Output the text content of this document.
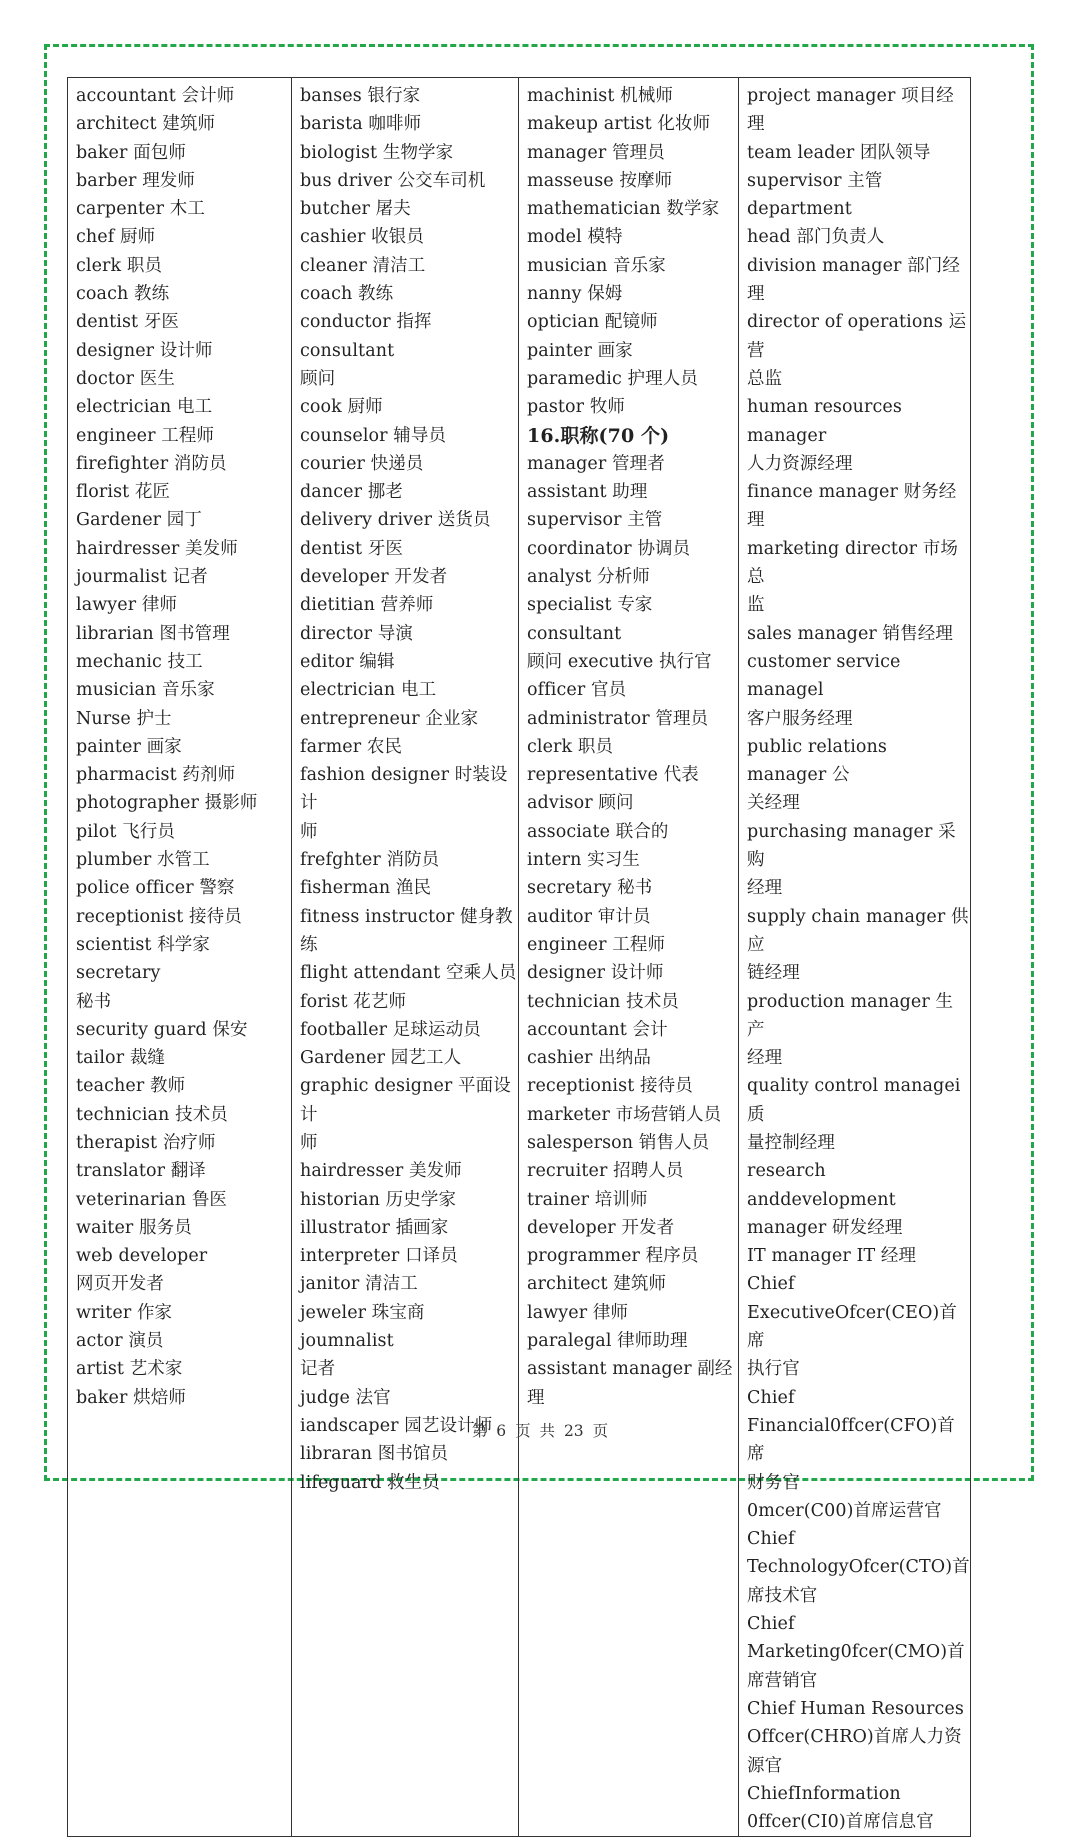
accountant 会计师
architect 建筑师
baker 面包师
barber 理发师
carpenter 木工
chef 厨师
clerk 职员
coach 教练
dentist 牙医
designer 设计师
doctor 医生
electrician 电工
engineer 工程师
firefighter 消防员
florist 花匠
Gardener 园丁
hairdresser 美发师
jourmalist 记者
lawyer 律师
librarian 图书管理
mechanic 技工
musician 音乐家
Nurse 护士
painter 画家
pharmacist 药剂师
photographer 摄影师
pilot 飞行员
plumber 水管工
police officer 警察
receptionist 接待员
scientist 科学家 secretary
秘书
security guard 保安
tailor 裁缝
teacher 教师
technician 技术员
therapist 治疗师
translator 翻译
veterinarian 鲁医
waiter 服务员
web developer
网页开发者
writer 作家
actor 演员
artist 艺术家
baker 烘焙师

banses 银行家
barista 咖啡师
biologist 生物学家
bus driver 公交车司机
butcher 屠夫
cashier 收银员
cleaner 清洁工
coach 教练
conductor 指挥 consultant
顾问
cook 厨师
counselor 辅导员
courier 快递员
dancer 挪老
delivery driver 送货员
dentist 牙医
developer 开发者
dietitian 营养师
director 导演
editor 编辑
electrician 电工
entrepreneur 企业家
farmer 农民
fashion designer 时装设计
师
frefghter 消防员
fisherman 渔民
fitness instructor 健身教
练
flight attendant 空乘人员
forist 花艺师
footballer 足球运动员
Gardener 园艺工人
graphic designer 平面设计
师
hairdresser 美发师
historian 历史学家
illustrator 插画家
interpreter 口译员
janitor 清洁工
jeweler 珠宝商 joumnalist
记者
judge 法官
iandscaper 园艺设计师
libraran 图书馆员
lifeguard 救生员

machinist 机械师
makeup artist 化妆师
manager 管理员
masseuse 按摩师
mathematician 数学家
model 模特
musician 音乐家
nanny 保姆
optician 配镜师
painter 画家
paramedic 护理人员
pastor 牧师
16.职称(70 个)
manager 管理者
assistant 助理
supervisor 主管
coordinator 协调员
analyst 分析师
specialist 专家 consultant
顾问 executive 执行官
officer 官员
administrator 管理员
clerk 职员
representative 代表
advisor 顾问
associate 联合的
intern 实习生
secretary 秘书
auditor 审计员
engineer 工程师
designer 设计师
technician 技术员
accountant 会计
cashier 出纳品
receptionist 接待员
marketer 市场营销人员
salesperson 销售人员
recruiter 招聘人员
trainer 培训师
developer 开发者
programmer 程序员
architect 建筑师
lawyer 律师
paralegal 律师助理
assistant manager 副经理

project manager 项目经理
team leader 团队领导
supervisor 主管 department
head 部门负责人
division manager 部门经
理
director of operations 运营
总监
human resources manager
人力资源经理
finance manager 财务经理
marketing director 市场总
监
sales manager 销售经理
customer service managel
客户服务经理
public relations manager 公
关经理
purchasing manager 采购
经理
supply chain manager 供应
链经理
production manager 生产
经理
quality control managei 质
量控制经理
research anddevelopment
manager 研发经理
IT manager IT 经理
Chief
ExecutiveOfcer(CEO)首席
执行官
Chief
Financial0ffcer(CFO)首席
财务官
0mcer(C00)首席运营官
Chief
TechnologyOfcer(CTO)首
席技术官
Chief
Marketing0fcer(CMO)首
席营销官
Chief Human Resources
Offcer(CHRO)首席人力资
源官
ChiefInformation
0ffcer(CI0)首席信息官
第 6 页 共 23 页
